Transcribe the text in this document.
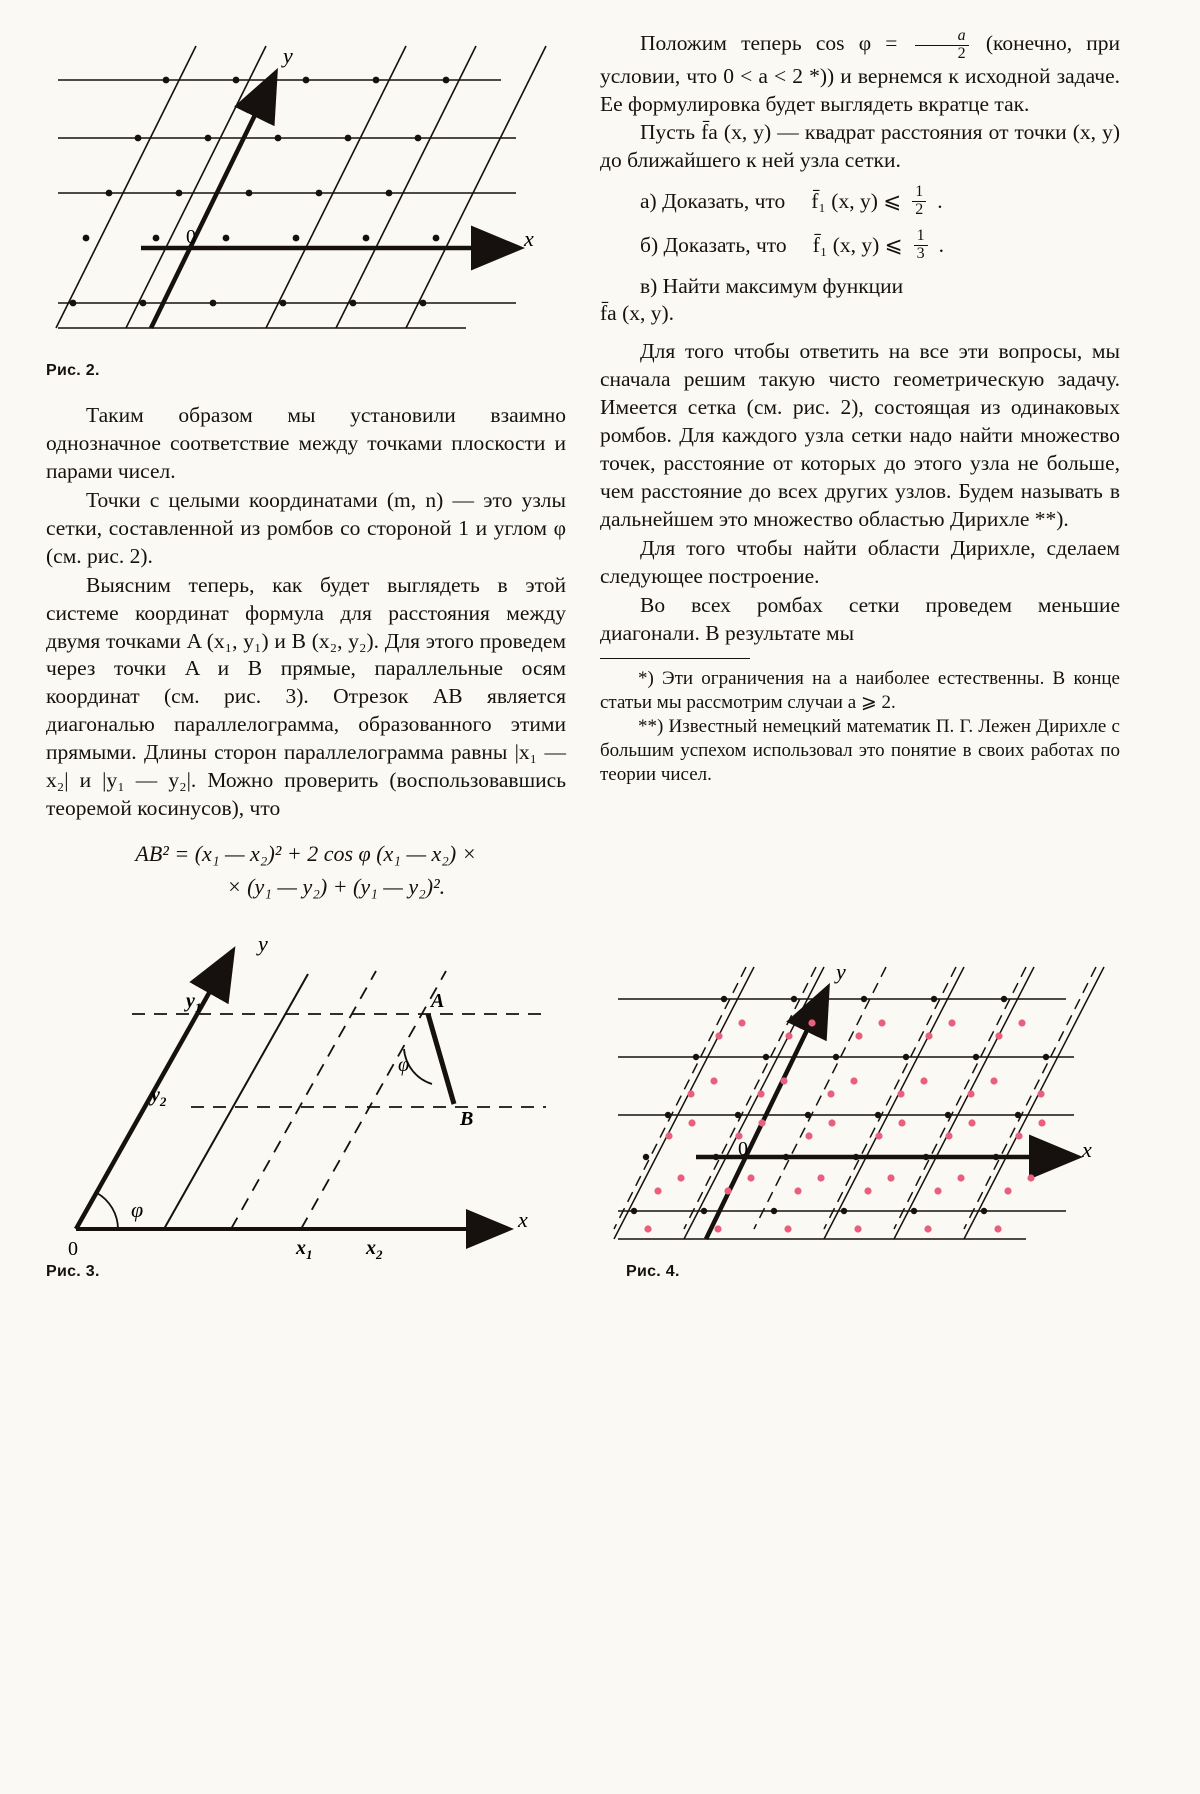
y
x
0
Рис. 2.

Таким образом мы установили взаимно однозначное соответствие между точками плоскости и парами чисел.

Точки с целыми координатами (m, n) — это узлы сетки, составленной из ромбов со стороной 1 и углом φ (см. рис. 2).

Выясним теперь, как будет выглядеть в этой системе координат формула для расстояния между двумя точками A (x₁, y₁) и B (x₂, y₂). Для этого проведем через точки A и B прямые, параллельные осям координат (см. рис. 3). Отрезок AB является диагональю параллелограмма, образованного этими прямыми. Длины сторон параллелограмма равны |x₁ — x₂| и |y₁ — y₂|. Можно проверить (воспользовавшись теоремой косинусов), что

AB² = (x₁ — x₂)² + 2 cos φ (x₁ — x₂) ×
× (y₁ — y₂) + (y₁ — y₂)².

Положим теперь $\cos \varphi = \frac{a}{2}$ (конечно, при условии, что 0 < a < 2 *)) и вернемся к исходной задаче. Ее формулировка будет выглядеть вкратце так.

Пусть f̄a (x, y) — квадрат расстояния от точки (x, y) до ближайшего к ней узла сетки.

а) Доказать, что f̄₁ (x, y) ⩽ $\frac{1}{2}$ .
б) Доказать, что f̄₁ (x, y) ⩽ $\frac{1}{3}$ .

в) Найти максимум функции
f̄a (x, y).

Для того чтобы ответить на все эти вопросы, мы сначала решим такую чисто геометрическую задачу. Имеется сетка (см. рис. 2), состоящая из одинаковых ромбов. Для каждого узла сетки надо найти множество точек, расстояние от которых до этого узла не больше, чем расстояние до всех других узлов. Будем называть в дальнейшем это множество областью Дирихле **).

Для того чтобы найти области Дирихле, сделаем следующее построение.

Во всех ромбах сетки проведем меньшие диагонали. В результате мы

*) Эти ограничения на a наиболее естественны. В конце статьи мы рассмотрим случаи a ⩾ 2.

**) Известный немецкий математик П. Г. Лежен Дирихле с большим успехом использовал это понятие в своих работах по теории чисел.

y
x
0
A
B
φ
φ
$y_1$
$y_2$
$x_1$	$x_2$
y
x
0
Рис. 3.	Рис. 4.
